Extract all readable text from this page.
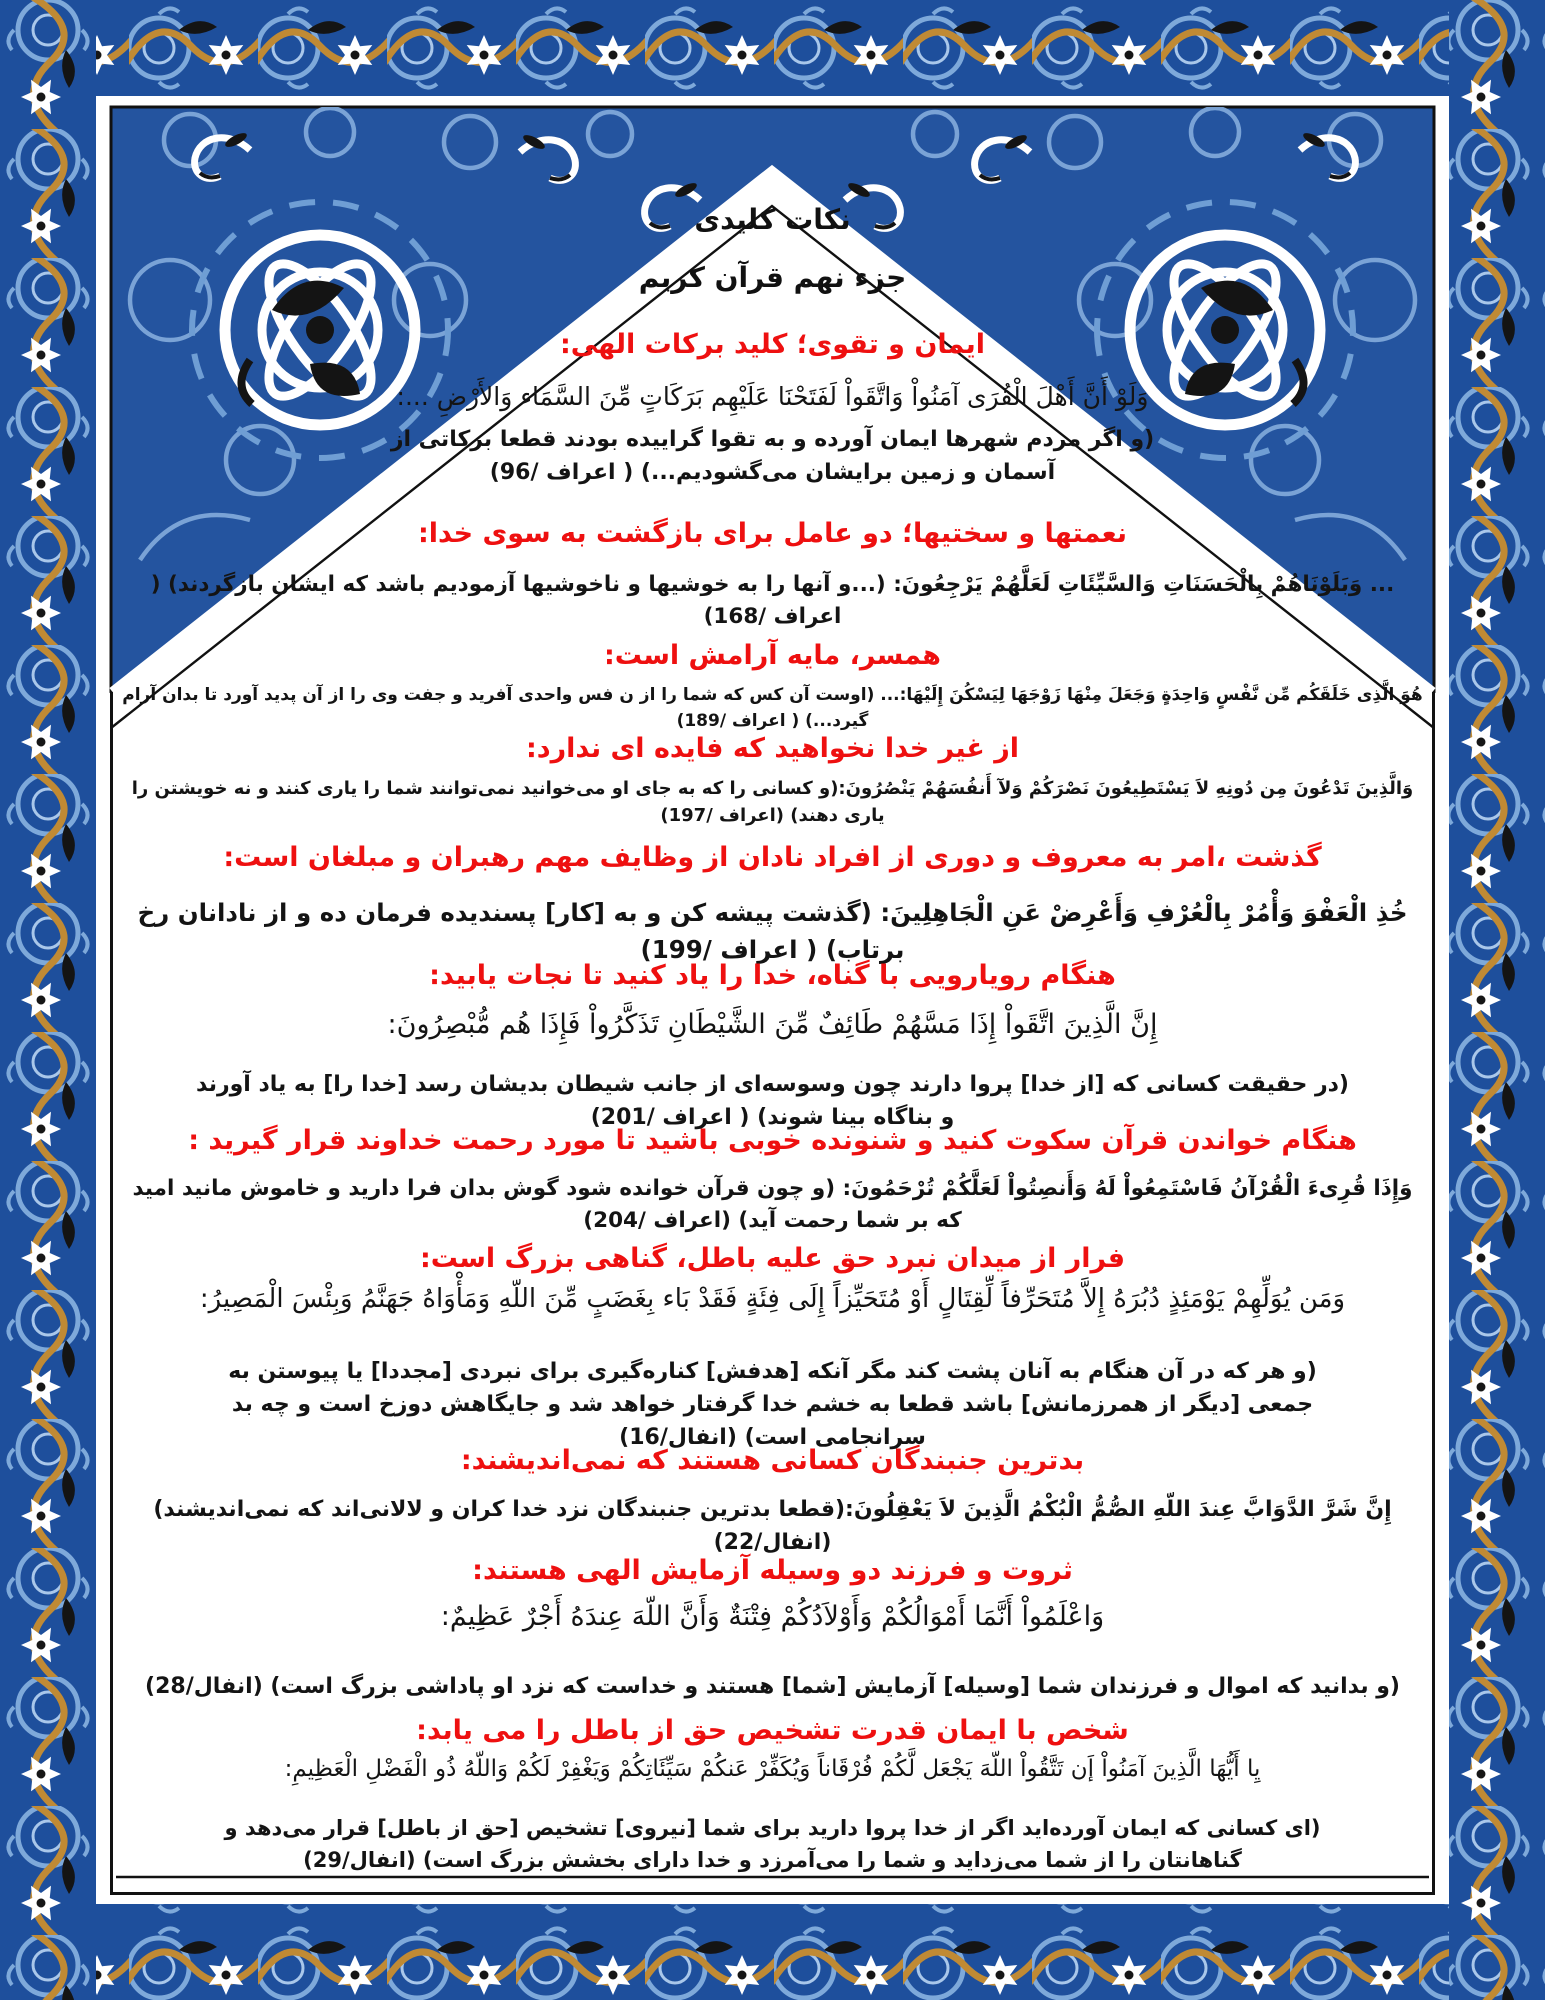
نکات کلیدی
جزء نهم قرآن کریم
ایمان و تقوی؛ کلید برکات الهی:
وَلَوْ أَنَّ أَهْلَ الْقُرَى آمَنُواْ وَاتَّقَواْ لَفَتَحْنَا عَلَيْهِم بَرَكَاتٍ مِّنَ السَّمَاء وَالأَرْضِ ...:
(و اگر مردم شهرها ایمان آورده و به تقوا گراییده بودند قطعا برکاتی از آسمان و زمین برایشان می‌گشودیم...) ( اعراف /96)
نعمتها و سختیها؛ دو عامل برای بازگشت به سوی خدا:
... وَبَلَوْنَاهُمْ بِالْحَسَنَاتِ وَالسَّيِّئَاتِ لَعَلَّهُمْ يَرْجِعُونَ: (...و آنها را به خوشیها و ناخوشیها آزمودیم باشد که ایشان بازگردند) ( اعراف /168)
همسر، مایه آرامش است:
هُوَ الَّذِی خَلَقَكُم مِّن نَّفْسٍ وَاحِدَةٍ وَجَعَلَ مِنْهَا زَوْجَهَا لِيَسْكُنَ إِلَيْهَا:... (اوست آن کس که شما را از ن فس واحدی آفرید و جفت وی را از آن پدید آورد تا بدان آرام گیرد...) ( اعراف /189)
از غیر خدا نخواهید که فایده ای ندارد:
وَالَّذِينَ تَدْعُونَ مِن دُونِهِ لاَ يَسْتَطِيعُونَ نَصْرَكُمْ وَلآ أَنفُسَهُمْ يَنْصُرُونَ:(و کسانی را که به جای او می‌خوانید نمی‌توانند شما را یاری کنند و نه خویشتن را یاری دهند) (اعراف /197)
گذشت ،امر به معروف و دوری از افراد نادان از وظایف مهم رهبران و مبلغان است:
خُذِ الْعَفْوَ وَأْمُرْ بِالْعُرْفِ وَأَعْرِضْ عَنِ الْجَاهِلِينَ: (گذشت پیشه کن و به [کار] پسندیده فرمان ده و از نادانان رخ برتاب) ( اعراف /199)
هنگام رویارویی با گناه، خدا را یاد کنید تا نجات یابید:
إِنَّ الَّذِينَ اتَّقَواْ إِذَا مَسَّهُمْ طَائِفٌ مِّنَ الشَّيْطَانِ تَذَكَّرُواْ فَإِذَا هُم مُّبْصِرُونَ:
(در حقیقت کسانی که [از خدا] پروا دارند چون وسوسه‌ای از جانب شیطان بدیشان رسد [خدا را] به یاد آورند و بناگاه بینا شوند) ( اعراف /201)
هنگام خواندن قرآن سکوت کنید و شنونده خوبی باشید تا مورد رحمت خداوند قرار گیرید :
وَإِذَا قُرِىءَ الْقُرْآنُ فَاسْتَمِعُواْ لَهُ وَأَنصِتُواْ لَعَلَّكُمْ تُرْحَمُونَ: (و چون قرآن خوانده شود گوش بدان فرا دارید و خاموش مانید امید که بر شما رحمت آید) (اعراف /204)
فرار از میدان نبرد حق علیه باطل، گناهی بزرگ است:
وَمَن يُوَلِّهِمْ يَوْمَئِذٍ دُبُرَهُ إِلاَّ مُتَحَرِّفاً لِّقِتَالٍ أَوْ مُتَحَيِّزاً إِلَى فِئَةٍ فَقَدْ بَاء بِغَضَبٍ مِّنَ اللّهِ وَمَأْوَاهُ جَهَنَّمُ وَبِئْسَ الْمَصِيرُ:
(و هر که در آن هنگام به آنان پشت کند مگر آنکه [هدفش] کناره‌گیری برای نبردی [مجددا] یا پیوستن به جمعی [دیگر از همرزمانش] باشد قطعا به خشم خدا گرفتار خواهد شد و جایگاهش دوزخ است و چه بد سرانجامی است) (انفال/16)
بدترین جنبندگان کسانی هستند که نمی‌اندیشند:
إِنَّ شَرَّ الدَّوَابَّ عِندَ اللّهِ الصُّمُّ الْبُكْمُ الَّذِينَ لاَ يَعْقِلُونَ:(قطعا بدترین جنبندگان نزد خدا کران و لالانی‌اند که نمی‌اندیشند) (انفال/22)
ثروت و فرزند دو وسیله آزمایش الهی هستند:
وَاعْلَمُواْ أَنَّمَا أَمْوَالُكُمْ وَأَوْلاَدُكُمْ فِتْنَةٌ وَأَنَّ اللّهَ عِندَهُ أَجْرٌ عَظِيمٌ:
(و بدانید که اموال و فرزندان شما [وسیله] آزمایش [شما] هستند و خداست که نزد او پاداشی بزرگ است) (انفال/28)
شخص با ایمان قدرت تشخیص حق از باطل را می یابد:
يِا أَيُّهَا الَّذِينَ آمَنُواْ إَن تَتَّقُواْ اللّهَ يَجْعَل لَّكُمْ فُرْقَاناً وَيُكَفِّرْ عَنكُمْ سَيِّئَاتِكُمْ وَيَغْفِرْ لَكُمْ وَاللّهُ ذُو الْفَضْلِ الْعَظِيمِ:
(ای کسانی که ایمان آورده‌اید اگر از خدا پروا دارید برای شما [نیروی] تشخیص [حق از باطل] قرار می‌دهد و گناهانتان را از شما می‌زداید و شما را می‌آمرزد و خدا دارای بخشش بزرگ است) (انفال/29)
